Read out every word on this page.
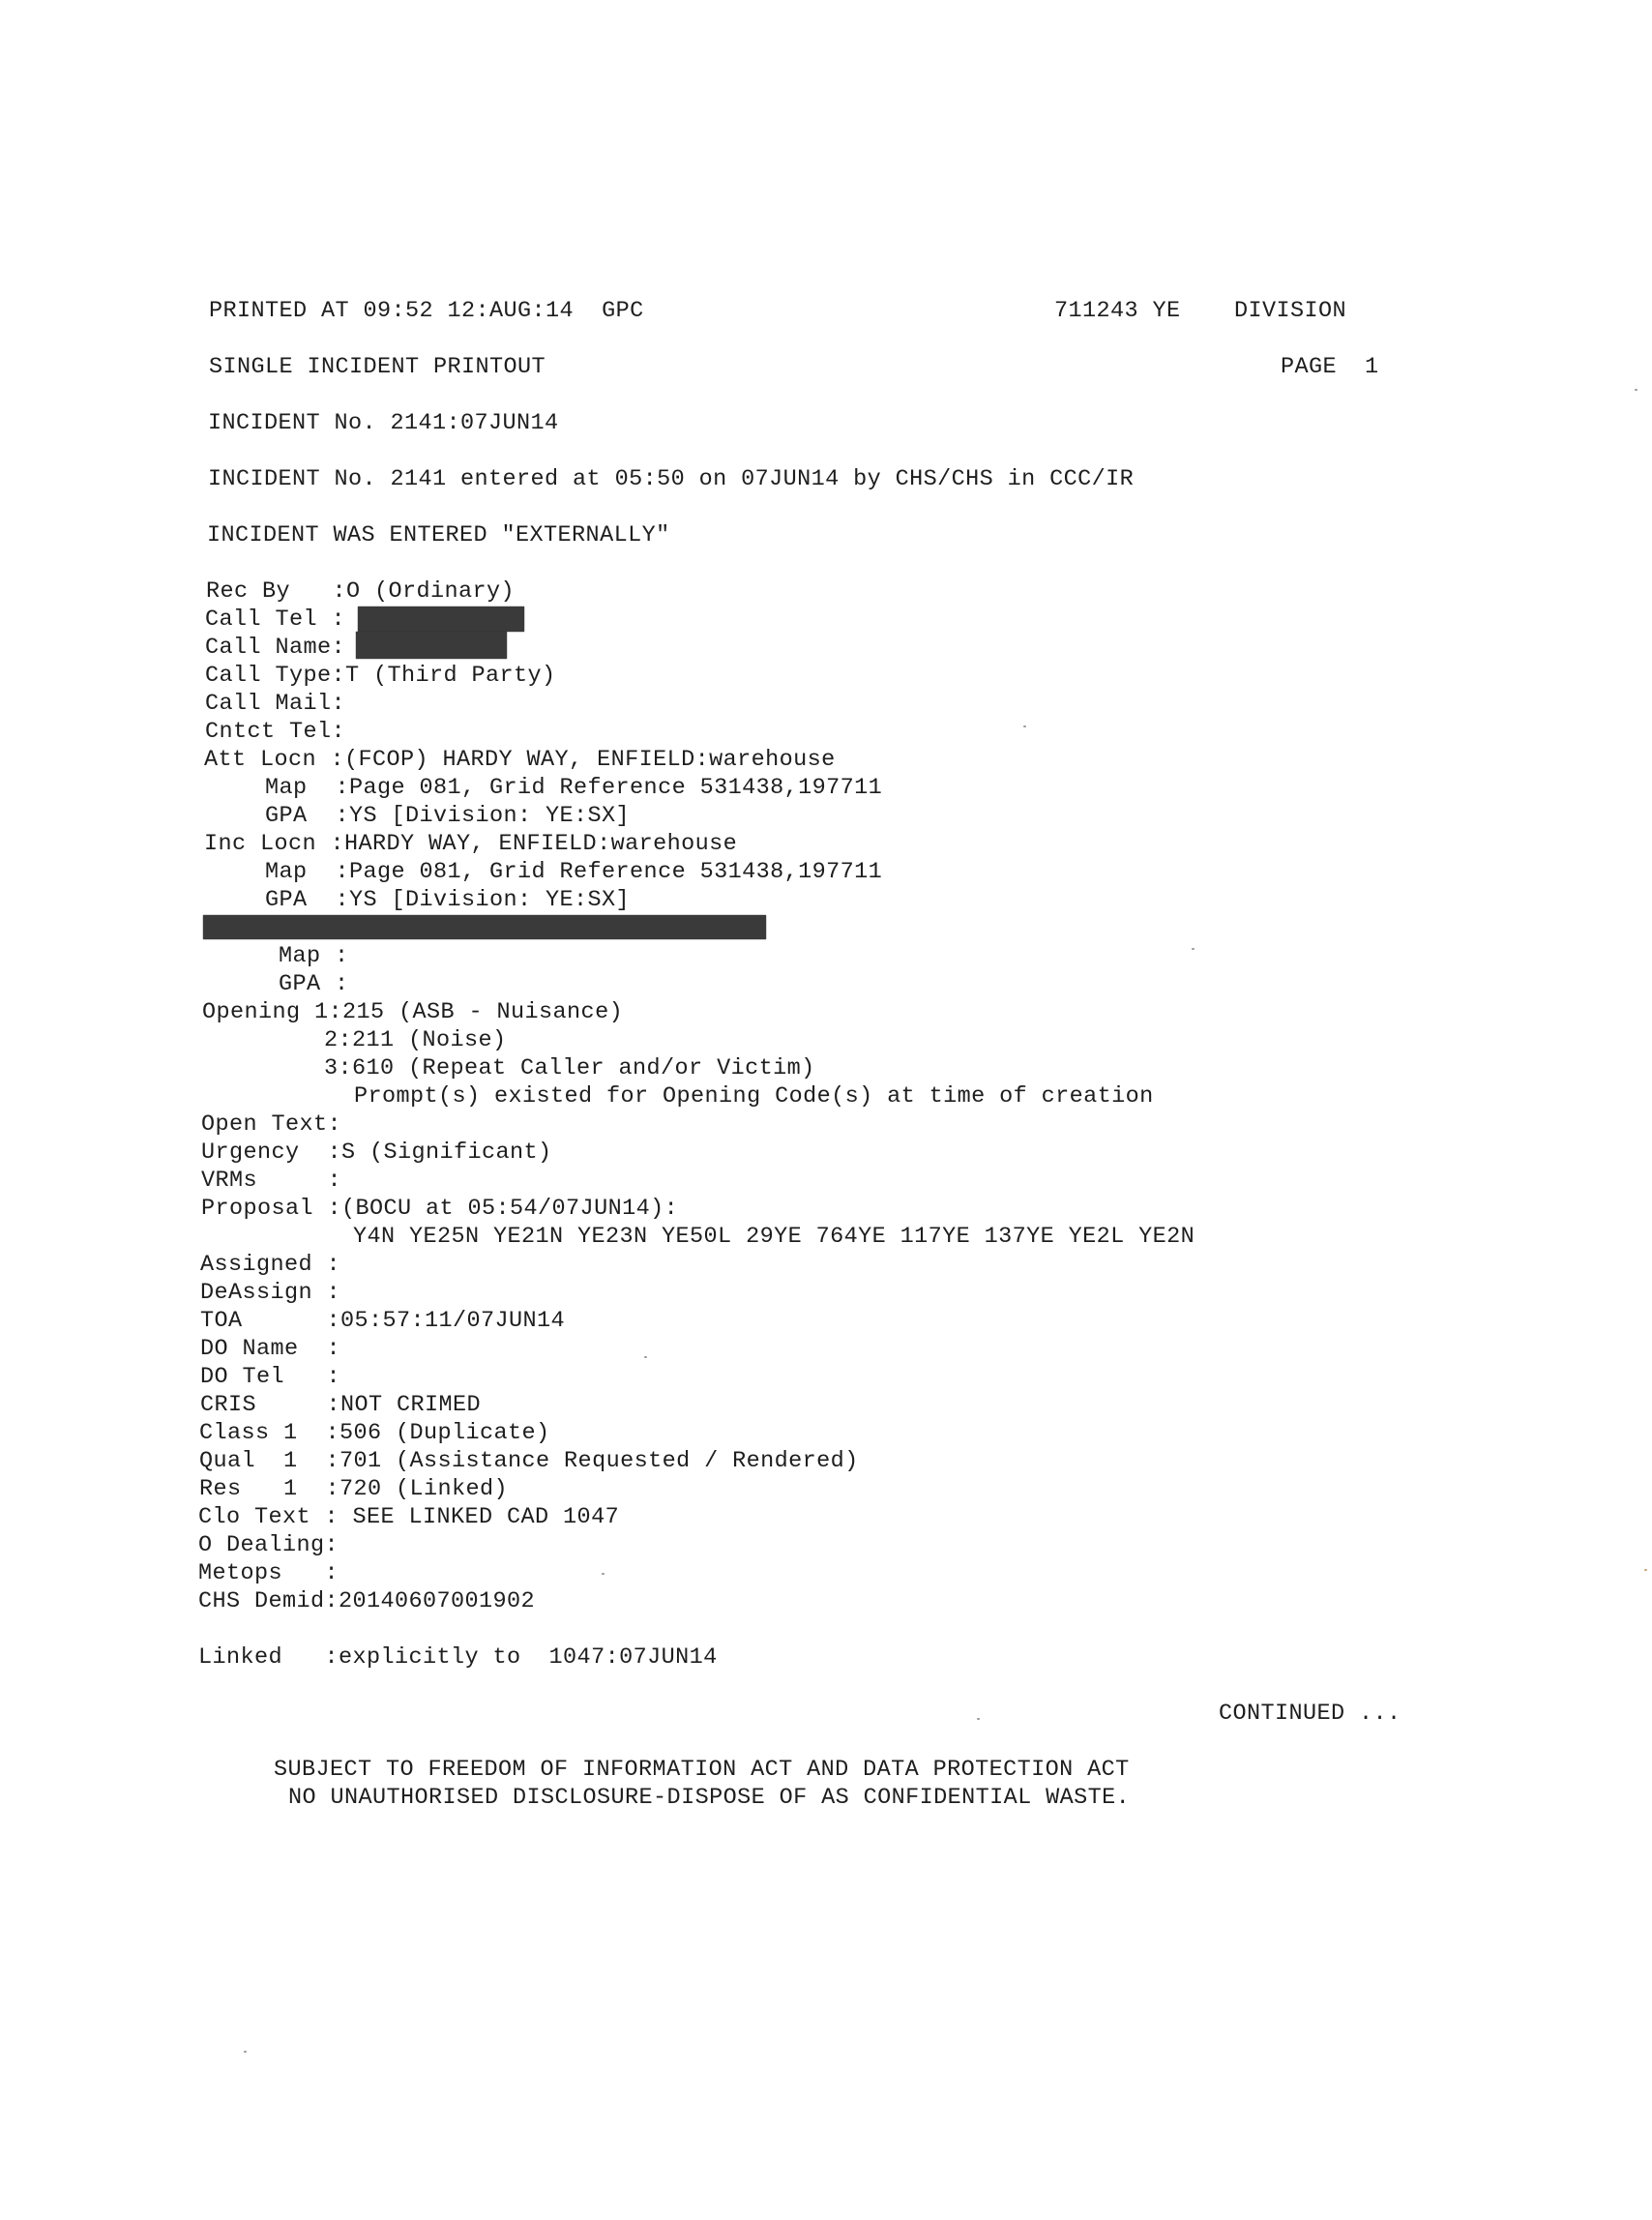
PRINTED AT 09:52 12:AUG:14  GPC	711243 YE DIVISION
SINGLE INCIDENT PRINTOUT	PAGE  1
INCIDENT No. 2141:07JUN14
INCIDENT No. 2141 entered at 05:50 on 07JUN14 by CHS/CHS in CCC/IR
INCIDENT WAS ENTERED "EXTERNALLY"
Rec By   :O (Ordinary)
Call Tel :
Call Name:
Call Type:T (Third Party)
Call Mail:
Cntct Tel:
Att Locn :(FCOP) HARDY WAY, ENFIELD:warehouse
Map  :Page 081, Grid Reference 531438,197711
GPA  :YS [Division: YE:SX]
Inc Locn :HARDY WAY, ENFIELD:warehouse
Map  :Page 081, Grid Reference 531438,197711
GPA  :YS [Division: YE:SX]
Map :
GPA :
Opening 1:215 (ASB - Nuisance)
2:211 (Noise)
3:610 (Repeat Caller and/or Victim)
Prompt(s) existed for Opening Code(s) at time of creation
Open Text:
Urgency  :S (Significant)
VRMs     :
Proposal :(BOCU at 05:54/07JUN14):
Y4N YE25N YE21N YE23N YE50L 29YE 764YE 117YE 137YE YE2L YE2N
Assigned :
DeAssign :
TOA      :05:57:11/07JUN14
DO Name  :
DO Tel   :
CRIS     :NOT CRIMED
Class 1  :506 (Duplicate)
Qual  1  :701 (Assistance Requested / Rendered)
Res   1  :720 (Linked)
Clo Text : SEE LINKED CAD 1047
O Dealing:
Metops   :
CHS Demid:20140607001902
Linked   :explicitly to  1047:07JUN14
CONTINUED ...
SUBJECT TO FREEDOM OF INFORMATION ACT AND DATA PROTECTION ACT
NO UNAUTHORISED DISCLOSURE-DISPOSE OF AS CONFIDENTIAL WASTE.
